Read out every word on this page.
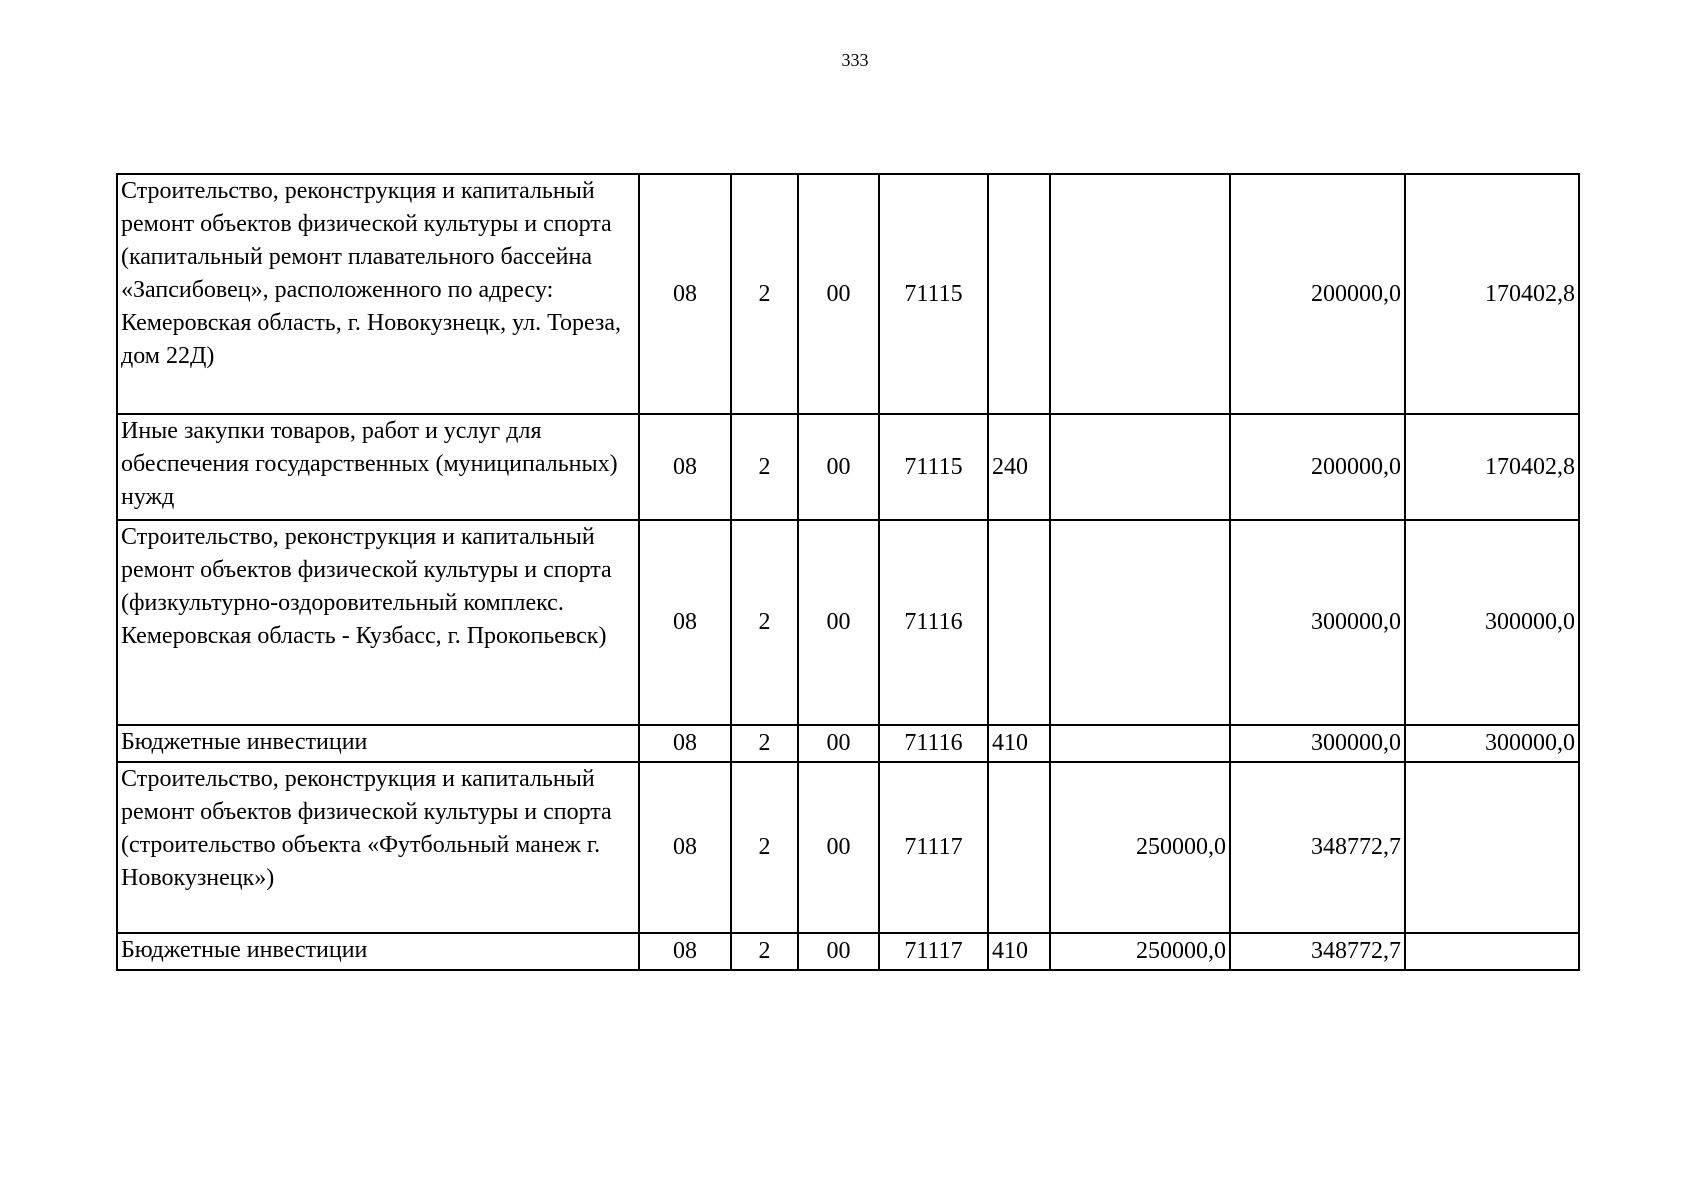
333
Строительство, реконструкция и капитальный ремонт объектов физической культуры и спорта (капитальный ремонт плавательного бассейна «Запсибовец», расположенного по адресу: Кемеровская область, г. Новокузнецк, ул. Тореза, дом 22Д)	08	2	00	71115			200000,0	170402,8
Иные закупки товаров, работ и услуг для обеспечения государственных (муниципальных) нужд	08	2	00	71115	240		200000,0	170402,8
Строительство, реконструкция и капитальный ремонт объектов физической культуры и спорта (физкультурно-оздоровительный комплекс. Кемеровская область - Кузбасс, г. Прокопьевск)	08	2	00	71116			300000,0	300000,0
Бюджетные инвестиции	08	2	00	71116	410		300000,0	300000,0
Строительство, реконструкция и капитальный ремонт объектов физической культуры и спорта (строительство объекта «Футбольный манеж г. Новокузнецк»)	08	2	00	71117		250000,0	348772,7	
Бюджетные инвестиции	08	2	00	71117	410	250000,0	348772,7	
